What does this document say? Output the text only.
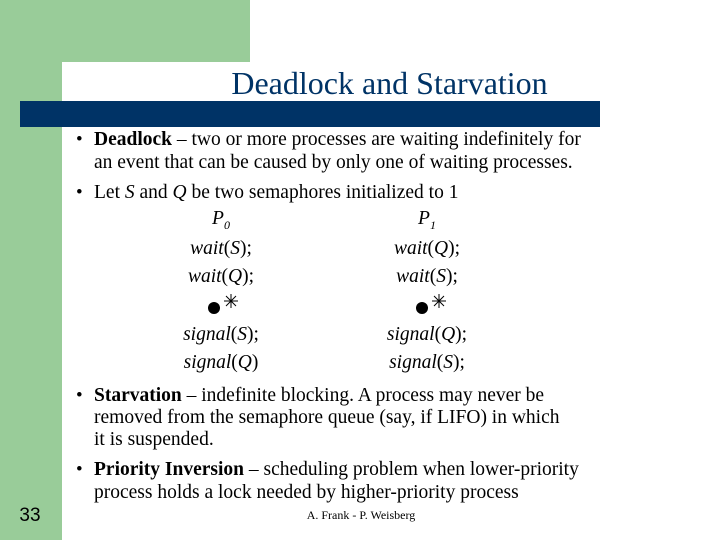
Deadlock and Starvation
• Deadlock – two or more processes are waiting indefinitely for
an event that can be caused by only one of waiting processes.
• Let S and Q be two semaphores initialized to 1
$P_0$
wait(S);
wait(Q);
signal(S);
signal(Q)
$P_1$
wait(Q);
wait(S);
signal(Q);
signal(S);
• Starvation – indefinite blocking. A process may never be
removed from the semaphore queue (say, if LIFO) in which
it is suspended.
• Priority Inversion – scheduling problem when lower-priority
process holds a lock needed by higher-priority process
33	A. Frank - P. Weisberg
